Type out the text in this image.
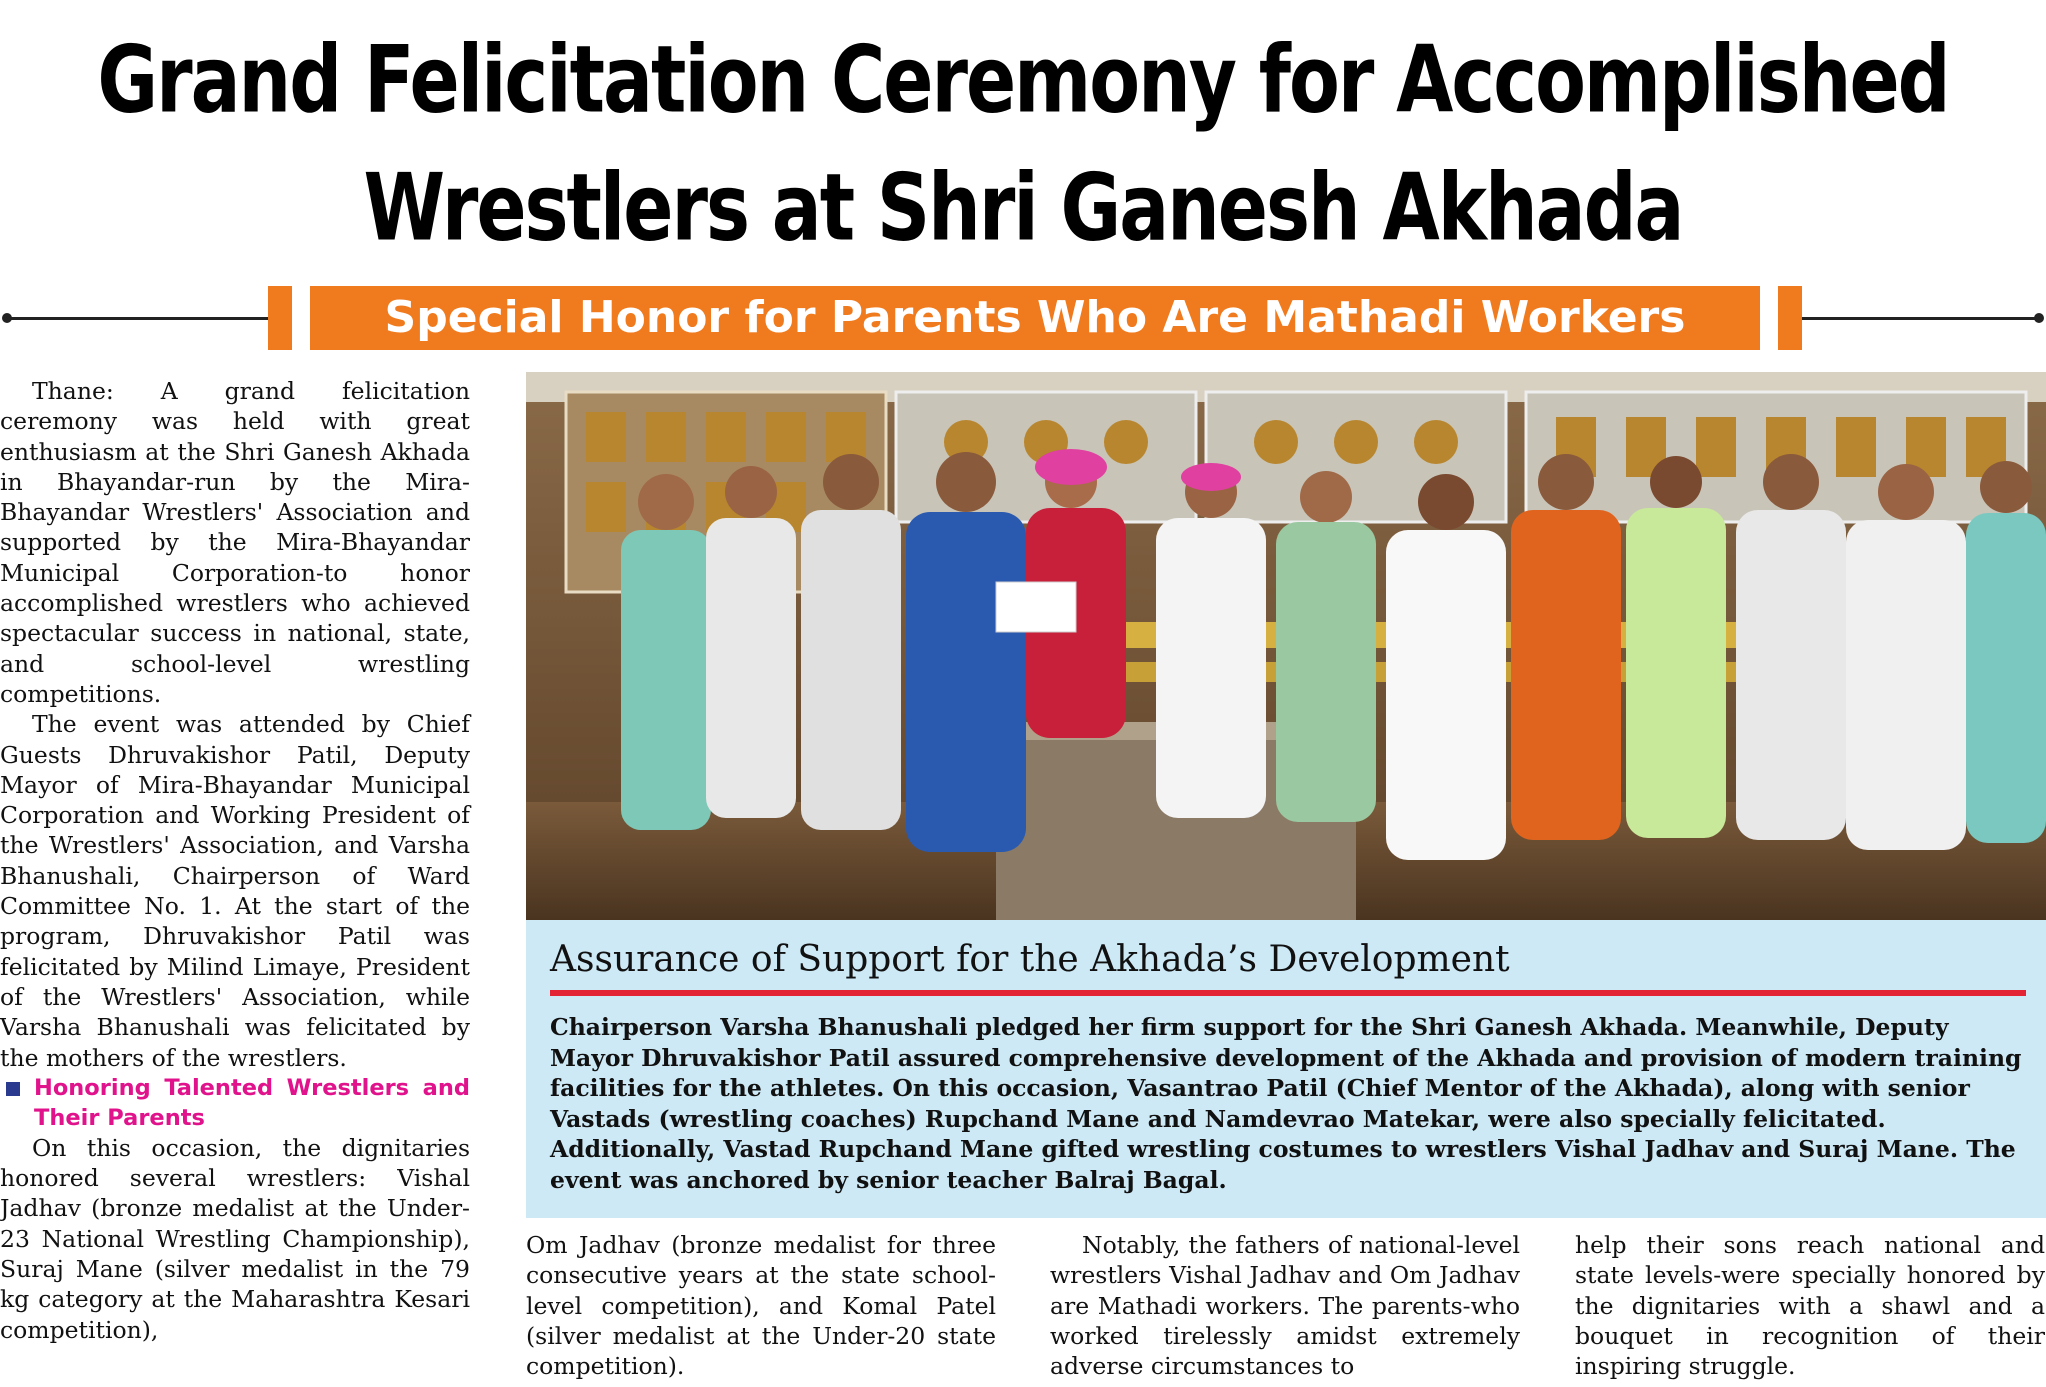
Grand Felicitation Ceremony for Accomplished
Wrestlers at Shri Ganesh Akhada
Special Honor for Parents Who Are Mathadi Workers

Thane: A grand felicitation ceremony was held with great enthusiasm at the Shri Ganesh Akhada in Bhayandar-run by the Mira-Bhayandar Wrestlers' Association and supported by the Mira-Bhayandar Municipal Corporation-to honor accomplished wrestlers who achieved spectacular success in national, state, and school-level wrestling competitions.

The event was attended by Chief Guests Dhruvakishor Patil, Deputy Mayor of Mira-Bhayandar Municipal Corporation and Working President of the Wrestlers' Association, and Varsha Bhanushali, Chairperson of Ward Committee No. 1. At the start of the program, Dhruvakishor Patil was felicitated by Milind Limaye, President of the Wrestlers' Association, while Varsha Bhanushali was felicitated by the mothers of the wrestlers.

Honoring Talented Wrestlers and Their Parents

On this occasion, the dignitaries honored several wrestlers: Vishal Jadhav (bronze medalist at the Under-23 National Wrestling Championship), Suraj Mane (silver medalist in the 79 kg category at the Maharashtra Kesari competition),

Assurance of Support for the Akhada’s Development
Chairperson Varsha Bhanushali pledged her firm support for the Shri Ganesh Akhada. Meanwhile, Deputy Mayor Dhruvakishor Patil assured comprehensive development of the Akhada and provision of modern training facilities for the athletes. On this occasion, Vasantrao Patil (Chief Mentor of the Akhada), along with senior Vastads (wrestling coaches) Rupchand Mane and Namdevrao Matekar, were also specially felicitated. Additionally, Vastad Rupchand Mane gifted wrestling costumes to wrestlers Vishal Jadhav and Suraj Mane. The event was anchored by senior teacher Balraj Bagal.

Om Jadhav (bronze medalist for three consecutive years at the state school-level competition), and Komal Patel (silver medalist at the Under-20 state competition).

Notably, the fathers of national-level wrestlers Vishal Jadhav and Om Jadhav are Mathadi workers. The parents-who worked tirelessly amidst extremely adverse circumstances to

help their sons reach national and state levels-were specially honored by the dignitaries with a shawl and a bouquet in recognition of their inspiring struggle.
